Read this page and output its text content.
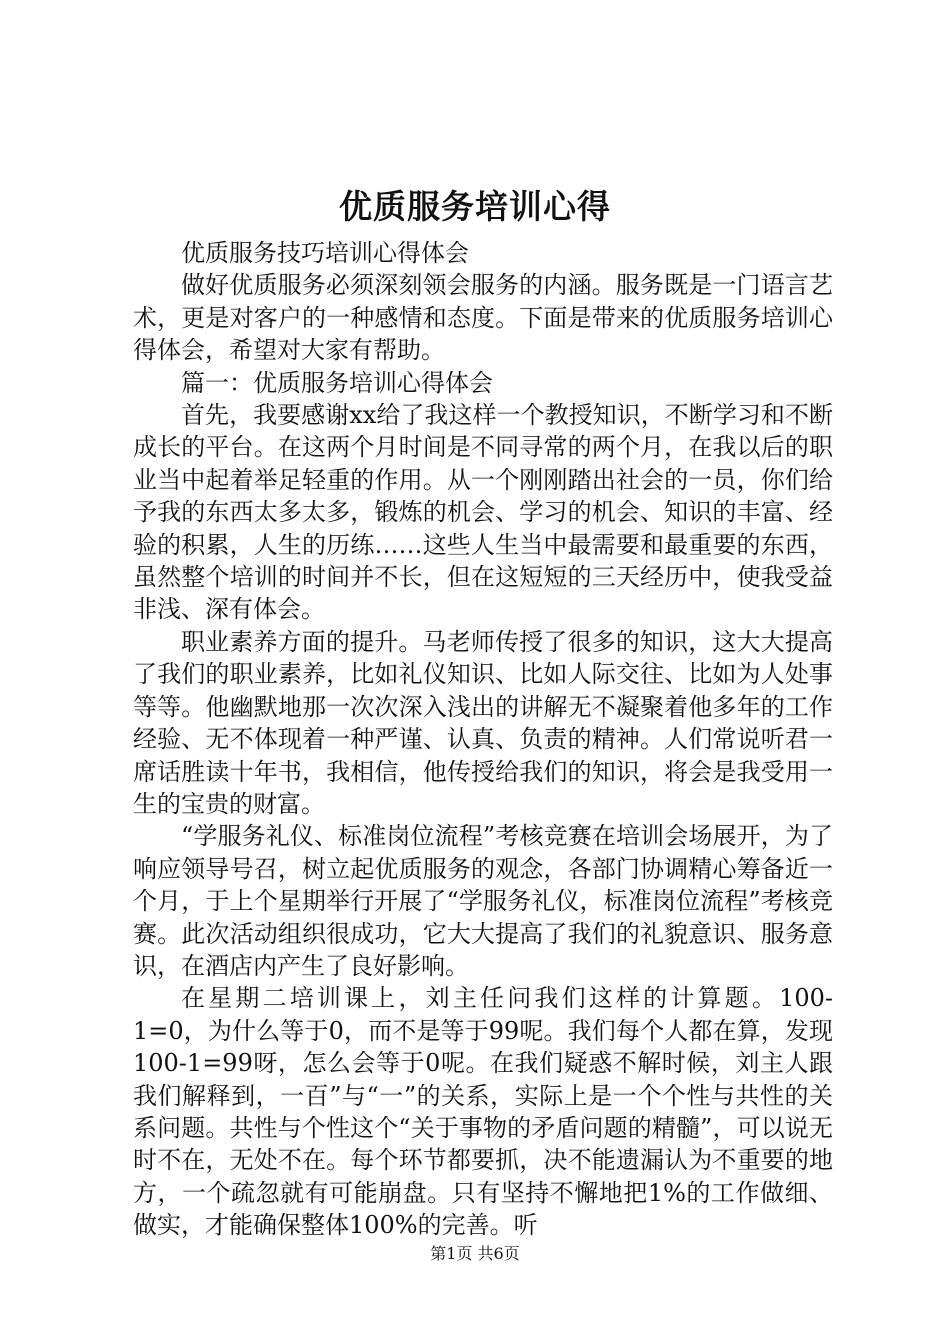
优质服务培训心得

优质服务技巧培训心得体会

做好优质服务必须深刻领会服务的内涵。服务既是一门语言艺术，更是对客户的一种感情和态度。下面是带来的优质服务培训心得体会，希望对大家有帮助。

篇一：优质服务培训心得体会

首先，我要感谢xx给了我这样一个教授知识，不断学习和不断成长的平台。在这两个月时间是不同寻常的两个月，在我以后的职业当中起着举足轻重的作用。从一个刚刚踏出社会的一员，你们给予我的东西太多太多，锻炼的机会、学习的机会、知识的丰富、经验的积累，人生的历练……这些人生当中最需要和最重要的东西，虽然整个培训的时间并不长，但在这短短的三天经历中，使我受益非浅、深有体会。

职业素养方面的提升。马老师传授了很多的知识，这大大提高了我们的职业素养，比如礼仪知识、比如人际交往、比如为人处事等等。他幽默地那一次次深入浅出的讲解无不凝聚着他多年的工作经验、无不体现着一种严谨、认真、负责的精神。人们常说听君一席话胜读十年书，我相信，他传授给我们的知识，将会是我受用一生的宝贵的财富。

“学服务礼仪、标准岗位流程”考核竞赛在培训会场展开，为了响应领导号召，树立起优质服务的观念，各部门协调精心筹备近一个月，于上个星期举行开展了“学服务礼仪，标准岗位流程”考核竞赛。此次活动组织很成功，它大大提高了我们的礼貌意识、服务意识，在酒店内产生了良好影响。

在星期二培训课上，刘主任问我们这样的计算题。100-1=0，为什么等于0，而不是等于99呢。我们每个人都在算，发现100-1=99呀，怎么会等于0呢。在我们疑惑不解时候，刘主人跟我们解释到，一百”与“一”的关系，实际上是一个个性与共性的关系问题。共性与个性这个“关于事物的矛盾问题的精髓”，可以说无时不在，无处不在。每个环节都要抓，决不能遗漏认为不重要的地方，一个疏忽就有可能崩盘。只有坚持不懈地把1%的工作做细、做实，才能确保整体100%的完善。听

第1页 共6页
